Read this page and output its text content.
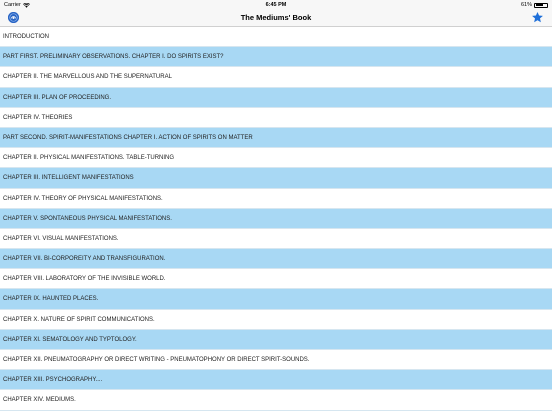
Carrier	6:45 PM	61%
The Mediums' Book
INTRODUCTION
PART FIRST. PRELIMINARY OBSERVATIONS. CHAPTER I. DO SPIRITS EXIST?
CHAPTER II. THE MARVELLOUS AND THE SUPERNATURAL
CHAPTER III. PLAN OF PROCEEDING.
CHAPTER IV. THEORIES
PART SECOND. SPIRIT-MANIFESTATIONS CHAPTER I. ACTION OF SPIRITS ON MATTER
CHAPTER II. PHYSICAL MANIFESTATIONS. TABLE-TURNING
CHAPTER III. INTELLIGENT MANIFESTATIONS
CHAPTER IV. THEORY OF PHYSICAL MANIFESTATIONS.
CHAPTER V. SPONTANEOUS PHYSICAL MANIFESTATIONS.
CHAPTER VI. VISUAL MANIFESTATIONS.
CHAPTER VII. BI-CORPOREITY AND TRANSFIGURATION.
CHAPTER VIII. LABORATORY OF THE INVISIBLE WORLD.
CHAPTER IX. HAUNTED PLACES.
CHAPTER X. NATURE OF SPIRIT COMMUNICATIONS.
CHAPTER XI. SEMATOLOGY AND TYPTOLOGY.
CHAPTER XII. PNEUMATOGRAPHY OR DIRECT WRITING - PNEUMATOPHONY OR DIRECT SPIRIT-SOUNDS.
CHAPTER XIII. PSYCHOGRAPHY....
CHAPTER XIV. MEDIUMS.
